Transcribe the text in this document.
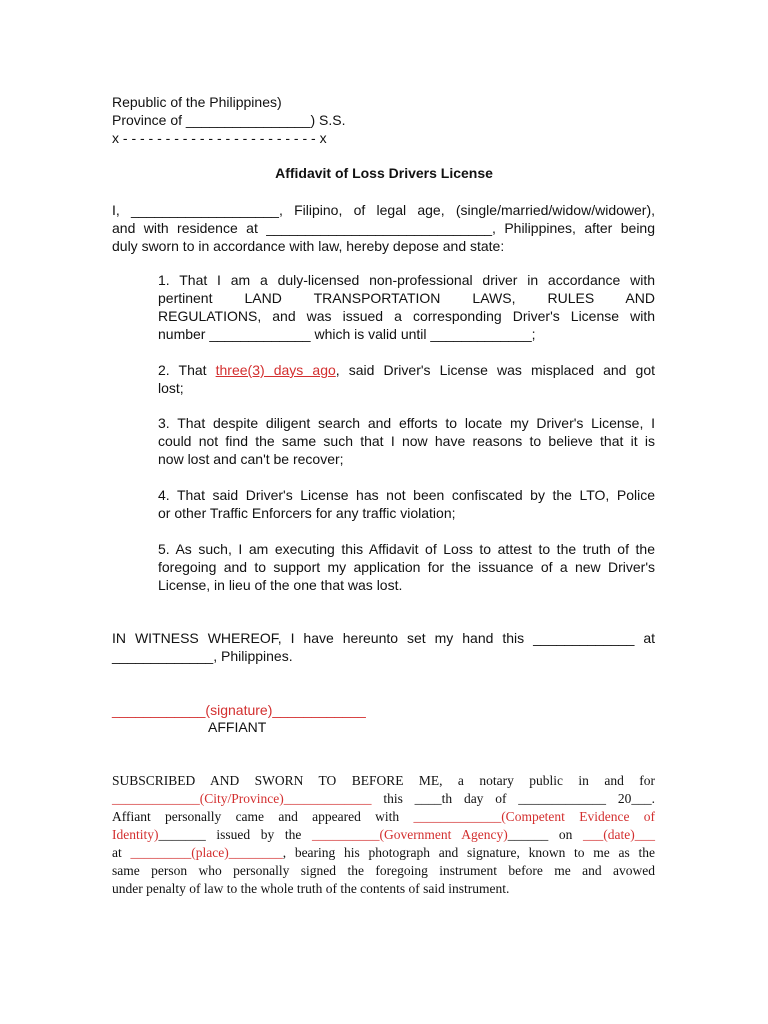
Republic of the Philippines)
Province of ________________) S.S.
x - - - - - - - - - - - - - - - - - - - - - - - x
Affidavit of Loss Drivers License
I, ___________________, Filipino, of legal age, (single/married/widow/widower),
and with residence at _____________________________, Philippines, after being
duly sworn to in accordance with law, hereby depose and state:
1. That I am a duly-licensed non-professional driver in accordance with
pertinent LAND TRANSPORTATION LAWS, RULES AND
REGULATIONS, and was issued a corresponding Driver's License with
number _____________ which is valid until _____________;
2. That three(3) days ago, said Driver's License was misplaced and got
lost;
3. That despite diligent search and efforts to locate my Driver's License, I
could not find the same such that I now have reasons to believe that it is
now lost and can't be recover;
4. That said Driver's License has not been confiscated by the LTO, Police
or other Traffic Enforcers for any traffic violation;
5. As such, I am executing this Affidavit of Loss to attest to the truth of the
foregoing and to support my application for the issuance of a new Driver's
License, in lieu of the one that was lost.
IN WITNESS WHEREOF, I have hereunto set my hand this _____________ at
_____________, Philippines.
____________(signature)____________
AFFIANT
SUBSCRIBED AND SWORN TO BEFORE ME, a notary public in and for
_____________(City/Province)_____________ this ____th day of _____________ 20___.
Affiant personally came and appeared with _____________(Competent Evidence of
Identity)_______ issued by the __________(Government Agency)______ on ___(date)___
at _________(place)________, bearing his photograph and signature, known to me as the
same person who personally signed the foregoing instrument before me and avowed
under penalty of law to the whole truth of the contents of said instrument.
